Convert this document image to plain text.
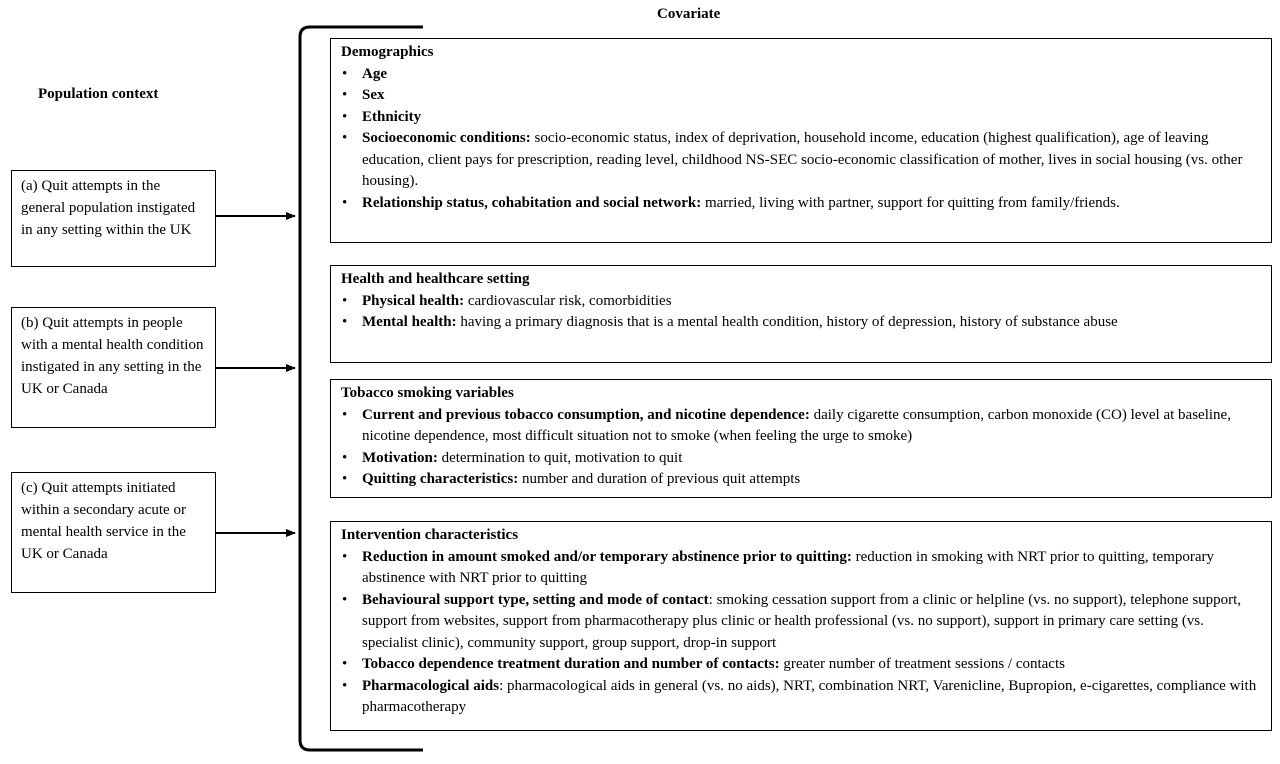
Covariate
Population context
(a) Quit attempts in the general population instigated in any setting within the UK
(b) Quit attempts in people with a mental health condition instigated in any setting in the UK or Canada
(c) Quit attempts initiated within a secondary acute or mental health service in the UK or Canada
Demographics
• Age
• Sex
• Ethnicity
• Socioeconomic conditions: socio-economic status, index of deprivation, household income, education (highest qualification), age of leaving education, client pays for prescription, reading level, childhood NS-SEC socio-economic classification of mother, lives in social housing (vs. other housing).
• Relationship status, cohabitation and social network: married, living with partner, support for quitting from family/friends.
Health and healthcare setting
• Physical health: cardiovascular risk, comorbidities
• Mental health: having a primary diagnosis that is a mental health condition, history of depression, history of substance abuse
Tobacco smoking variables
• Current and previous tobacco consumption, and nicotine dependence: daily cigarette consumption, carbon monoxide (CO) level at baseline, nicotine dependence, most difficult situation not to smoke (when feeling the urge to smoke)
• Motivation: determination to quit, motivation to quit
• Quitting characteristics: number and duration of previous quit attempts
Intervention characteristics
• Reduction in amount smoked and/or temporary abstinence prior to quitting: reduction in smoking with NRT prior to quitting, temporary abstinence with NRT prior to quitting
• Behavioural support type, setting and mode of contact: smoking cessation support from a clinic or helpline (vs. no support), telephone support, support from websites, support from pharmacotherapy plus clinic or health professional (vs. no support), support in primary care setting (vs. specialist clinic), community support, group support, drop-in support
• Tobacco dependence treatment duration and number of contacts: greater number of treatment sessions / contacts
• Pharmacological aids: pharmacological aids in general (vs. no aids), NRT, combination NRT, Varenicline, Bupropion, e-cigarettes, compliance with pharmacotherapy
